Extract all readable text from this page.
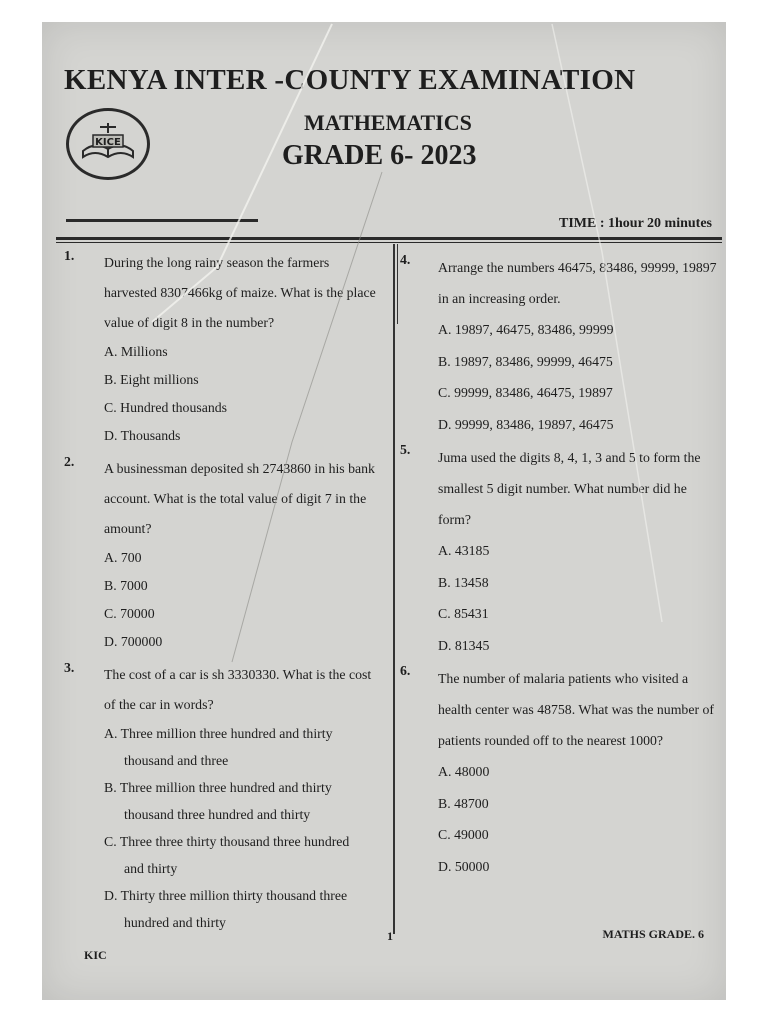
KENYA INTER -COUNTY EXAMINATION
KICE
MATHEMATICS
GRADE 6- 2023
TIME : 1hour 20 minutes
1. During the long rainy season the farmers harvested 8307466kg of maize. What is the place value of digit 8 in the number?
A. Millions
B. Eight millions
C. Hundred thousands
D. Thousands
2. A businessman deposited sh 2743860 in his bank account. What is the total value of digit 7 in the amount?
A. 700
B. 7000
C. 70000
D. 700000
3. The cost of a car is sh 3330330. What is the cost of the car in words?
A. Three million three hundred and thirty
thousand and three
B. Three million three hundred and thirty
thousand three hundred and thirty
C. Three three thirty thousand three hundred
and thirty
D. Thirty three million thirty thousand three
hundred and thirty
4.
Arrange the numbers 46475, 83486, 99999, 19897 in an increasing order.
A. 19897, 46475, 83486, 99999
B. 19897, 83486, 99999, 46475
C. 99999, 83486, 46475, 19897
D. 99999, 83486, 19897, 46475
5.
Juma used the digits 8, 4, 1, 3 and 5 to form the smallest 5 digit number. What number did he form?
A. 43185
B. 13458
C. 85431
D. 81345
6.
The number of malaria patients who visited a health center was 48758. What was the number of patients rounded off to the nearest 1000?
A. 48000
B. 48700
C. 49000
D. 50000
1	MATHS GRADE. 6
KIC
